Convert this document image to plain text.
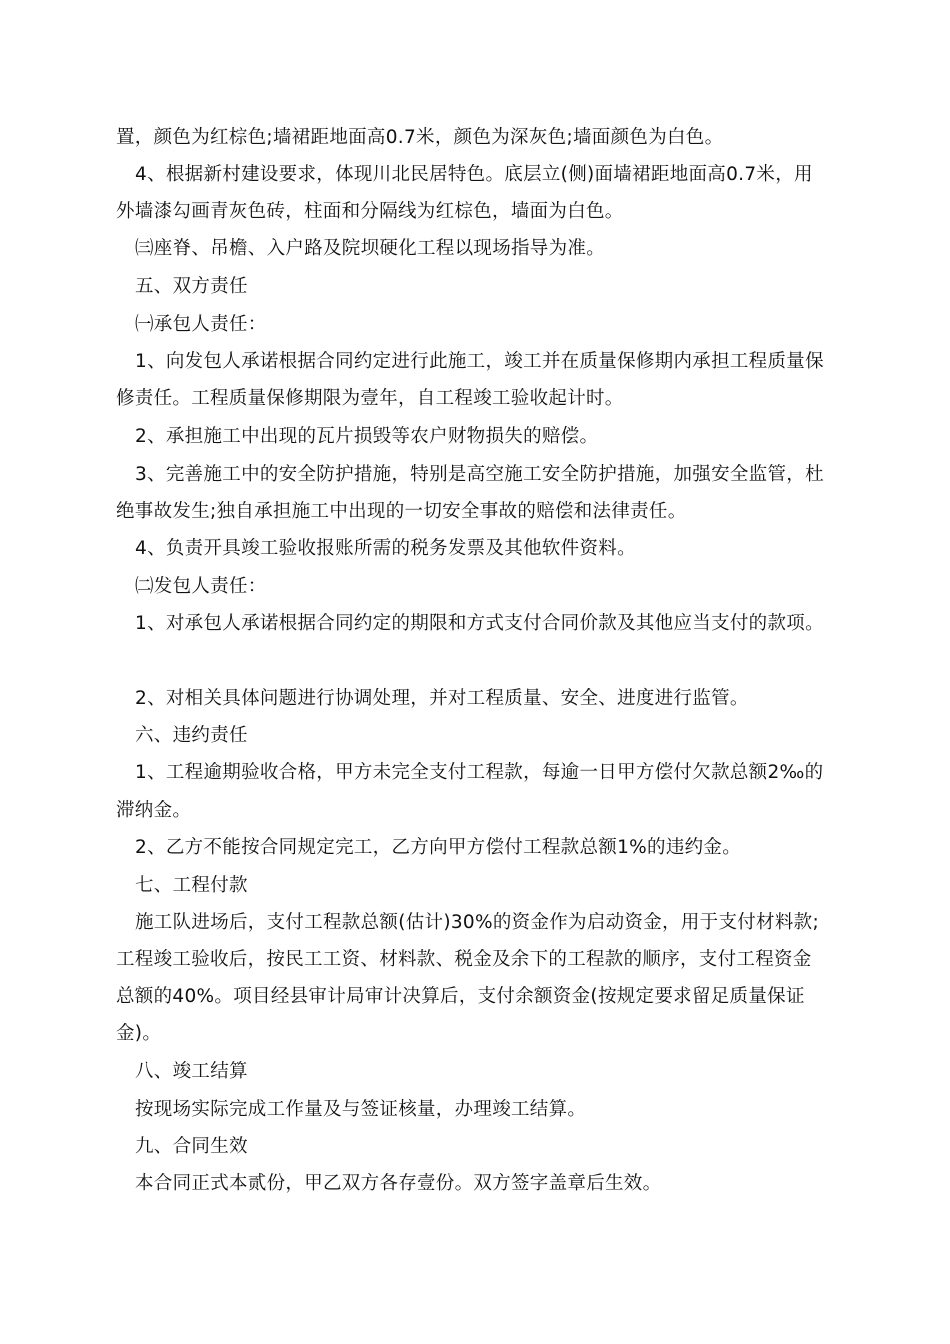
置，颜色为红棕色;墙裙距地面高0.7米，颜色为深灰色;墙面颜色为白色。
4、根据新村建设要求，体现川北民居特色。底层立(侧)面墙裙距地面高0.7米，用
外墙漆勾画青灰色砖，柱面和分隔线为红棕色，墙面为白色。
㈢座脊、吊檐、入户路及院坝硬化工程以现场指导为准。
五、双方责任
㈠承包人责任：
1、向发包人承诺根据合同约定进行此施工，竣工并在质量保修期内承担工程质量保
修责任。工程质量保修期限为壹年，自工程竣工验收起计时。
2、承担施工中出现的瓦片损毁等农户财物损失的赔偿。
3、完善施工中的安全防护措施，特别是高空施工安全防护措施，加强安全监管，杜
绝事故发生;独自承担施工中出现的一切安全事故的赔偿和法律责任。
4、负责开具竣工验收报账所需的税务发票及其他软件资料。
㈡发包人责任：
1、对承包人承诺根据合同约定的期限和方式支付合同价款及其他应当支付的款项。
2、对相关具体问题进行协调处理，并对工程质量、安全、进度进行监管。
六、违约责任
1、工程逾期验收合格，甲方未完全支付工程款，每逾一日甲方偿付欠款总额2‰的
滞纳金。
2、乙方不能按合同规定完工，乙方向甲方偿付工程款总额1%的违约金。
七、工程付款
施工队进场后，支付工程款总额(估计)30%的资金作为启动资金，用于支付材料款;
工程竣工验收后，按民工工资、材料款、税金及余下的工程款的顺序，支付工程资金
总额的40%。项目经县审计局审计决算后，支付余额资金(按规定要求留足质量保证
金)。
八、竣工结算
按现场实际完成工作量及与签证核量，办理竣工结算。
九、合同生效
本合同正式本贰份，甲乙双方各存壹份。双方签字盖章后生效。
